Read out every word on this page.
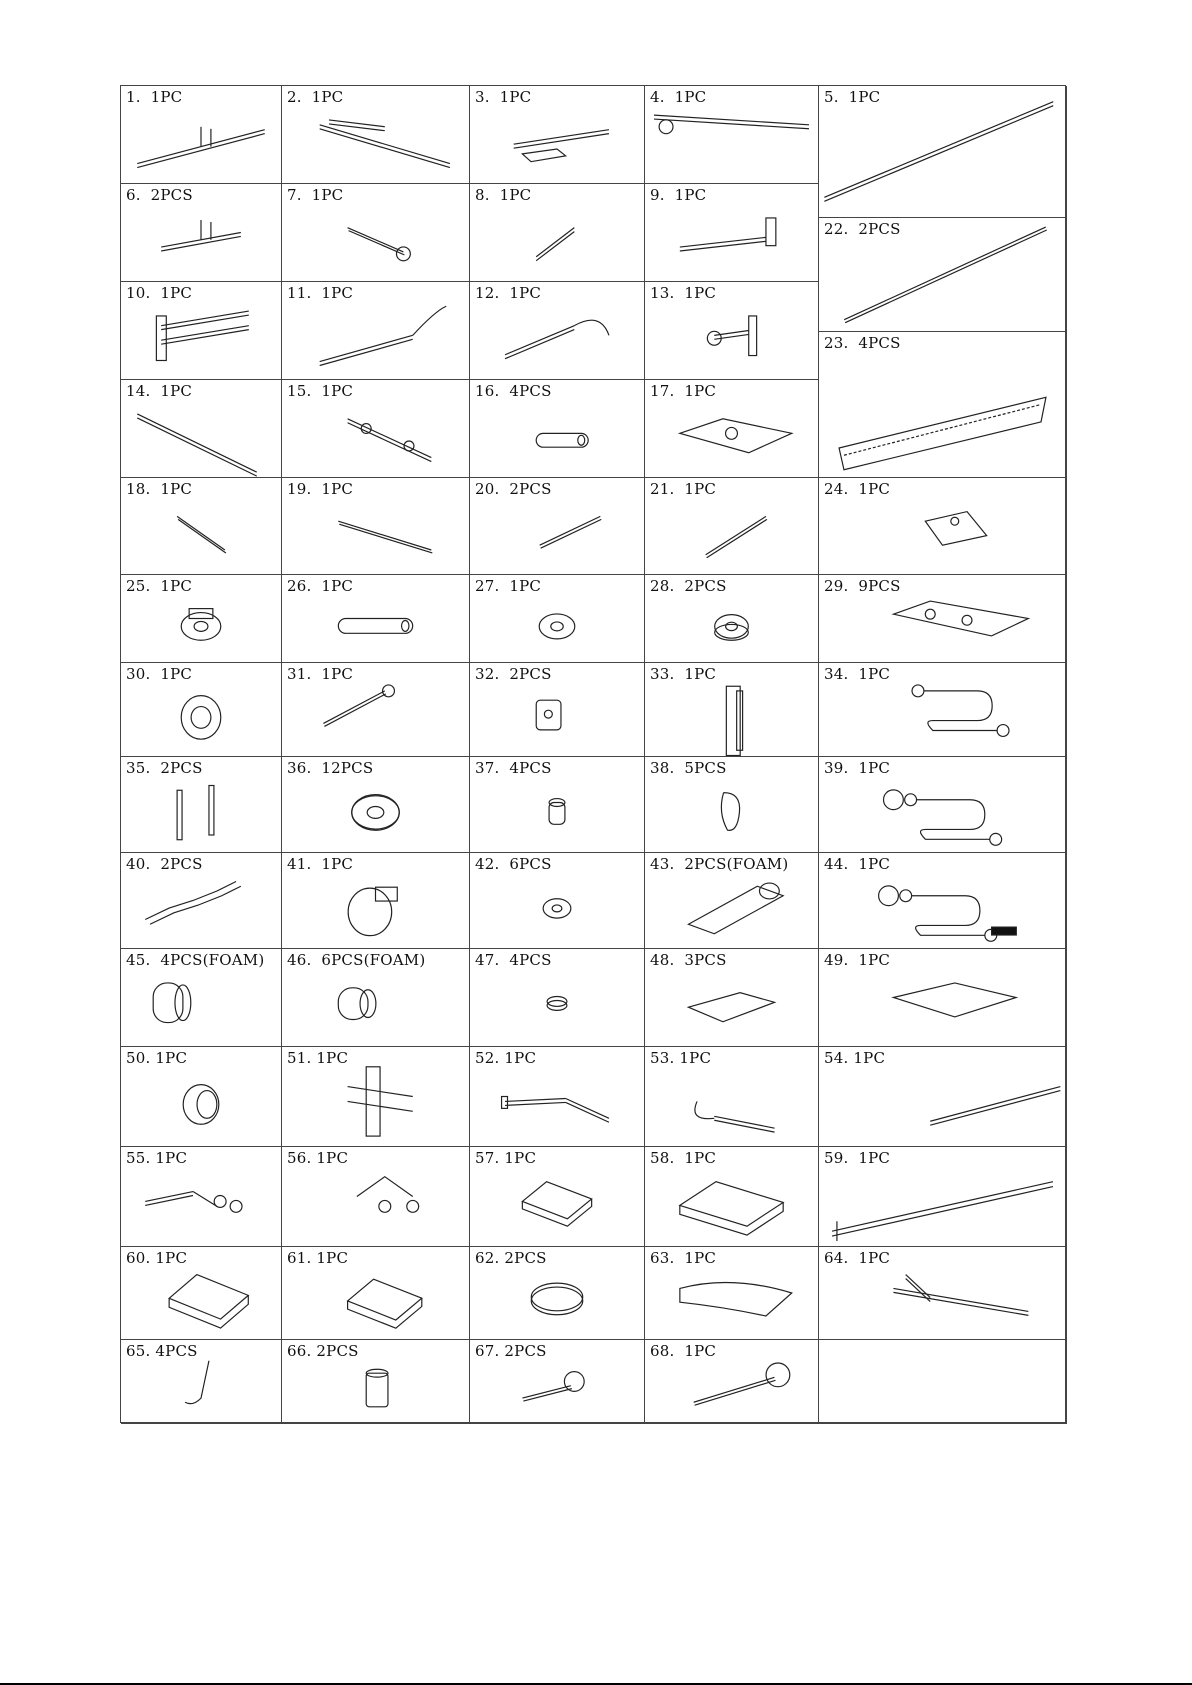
1.  1PC	2.  1PC	3.  1PC	4.  1PC	5.  1PC
6.  2PCS	7.  1PC	8.  1PC	9.  1PC
22.  2PCS
10.  1PC	11.  1PC	12.  1PC	13.  1PC
23.  4PCS
14.  1PC	15.  1PC	16.  4PCS	17.  1PC
18.  1PC	19.  1PC	20.  2PCS	21.  1PC	24.  1PC
25.  1PC	26.  1PC	27.  1PC	28.  2PCS	29.  9PCS
30.  1PC	31.  1PC	32.  2PCS	33.  1PC	34.  1PC
35.  2PCS	36.  12PCS	37.  4PCS	38.  5PCS	39.  1PC
40.  2PCS	41.  1PC	42.  6PCS	43.  2PCS(FOAM) 44.  1PC
45.  4PCS(FOAM) 46.  6PCS(FOAM)	47.  4PCS	48.  3PCS	49.  1PC
50. 1PC	51. 1PC	52. 1PC	53. 1PC	54. 1PC
55. 1PC	56. 1PC	57. 1PC	58.  1PC	59.  1PC
60. 1PC	61. 1PC	62. 2PCS	63.  1PC	64.  1PC
65. 4PCS	66. 2PCS	67. 2PCS	68.  1PC
